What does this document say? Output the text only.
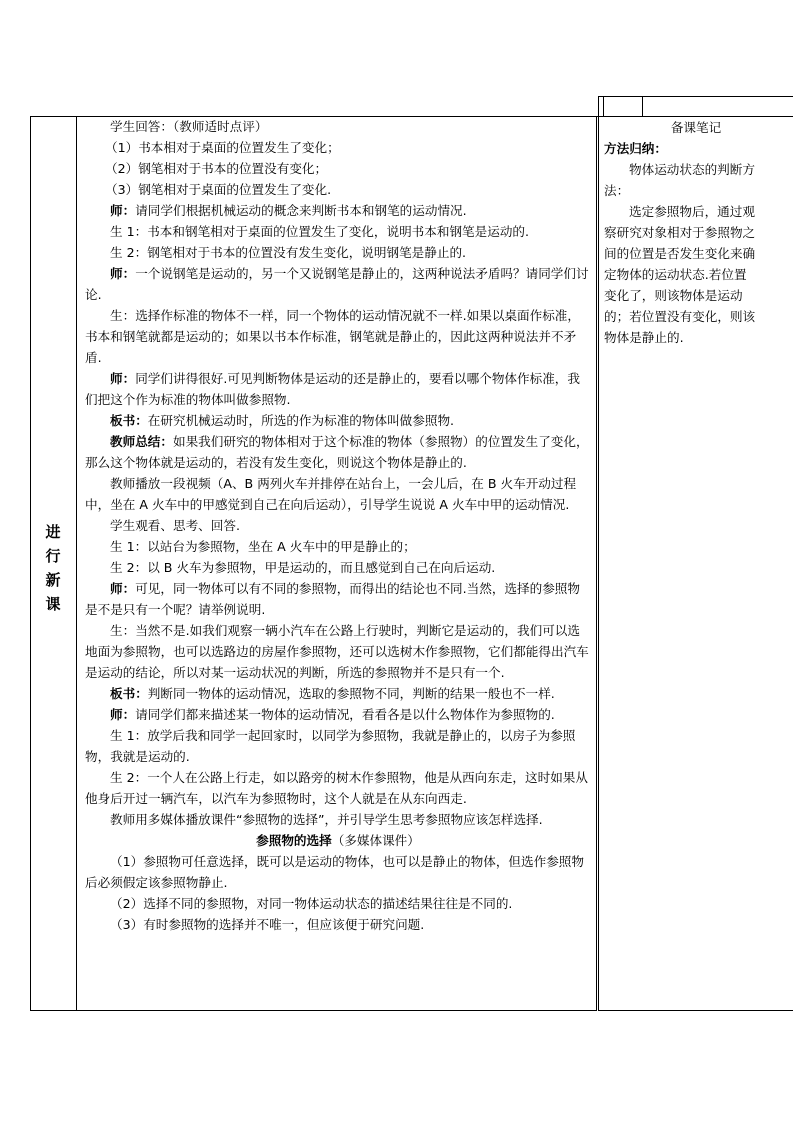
进
行
新
课

学生回答：（教师适时点评）

（1）书本相对于桌面的位置发生了变化；

（2）钢笔相对于书本的位置没有变化；

（3）钢笔相对于桌面的位置发生了变化.

师：请同学们根据机械运动的概念来判断书本和钢笔的运动情况.

生 1：书本和钢笔相对于桌面的位置发生了变化，说明书本和钢笔是运动的.

生 2：钢笔相对于书本的位置没有发生变化，说明钢笔是静止的.

师：一个说钢笔是运动的，另一个又说钢笔是静止的，这两种说法矛盾吗？请同学们讨论.

生：选择作标准的物体不一样，同一个物体的运动情况就不一样.如果以桌面作标准，书本和钢笔就都是运动的；如果以书本作标准，钢笔就是静止的，因此这两种说法并不矛盾.

师：同学们讲得很好.可见判断物体是运动的还是静止的，要看以哪个物体作标准，我们把这个作为标准的物体叫做参照物.

板书：在研究机械运动时，所选的作为标准的物体叫做参照物.

教师总结：如果我们研究的物体相对于这个标准的物体（参照物）的位置发生了变化，那么这个物体就是运动的，若没有发生变化，则说这个物体是静止的.

教师播放一段视频（A、B 两列火车并排停在站台上，一会儿后，在 B 火车开动过程中，坐在 A 火车中的甲感觉到自己在向后运动），引导学生说说 A 火车中甲的运动情况.

学生观看、思考、回答.

生 1：以站台为参照物，坐在 A 火车中的甲是静止的；

生 2：以 B 火车为参照物，甲是运动的，而且感觉到自己在向后运动.

师：可见，同一物体可以有不同的参照物，而得出的结论也不同.当然，选择的参照物是不是只有一个呢？请举例说明.

生：当然不是.如我们观察一辆小汽车在公路上行驶时，判断它是运动的，我们可以选地面为参照物，也可以选路边的房屋作参照物，还可以选树木作参照物，它们都能得出汽车是运动的结论，所以对某一运动状况的判断，所选的参照物并不是只有一个.

板书：判断同一物体的运动情况，选取的参照物不同，判断的结果一般也不一样.

师：请同学们都来描述某一物体的运动情况，看看各是以什么物体作为参照物的.

生 1：放学后我和同学一起回家时，以同学为参照物，我就是静止的，以房子为参照物，我就是运动的.

生 2：一个人在公路上行走，如以路旁的树木作参照物，他是从西向东走，这时如果从他身后开过一辆汽车，以汽车为参照物时，这个人就是在从东向西走.

教师用多媒体播放课件“参照物的选择”，并引导学生思考参照物应该怎样选择.

参照物的选择（多媒体课件）

（1）参照物可任意选择，既可以是运动的物体，也可以是静止的物体，但选作参照物后必须假定该参照物静止.

（2）选择不同的参照物，对同一物体运动状态的描述结果往往是不同的.

（3）有时参照物的选择并不唯一，但应该便于研究问题.

备课笔记

方法归纳：

物体运动状态的判断方法：

选定参照物后，通过观察研究对象相对于参照物之间的位置是否发生变化来确定物体的运动状态.若位置变化了，则该物体是运动的；若位置没有变化，则该物体是静止的.
